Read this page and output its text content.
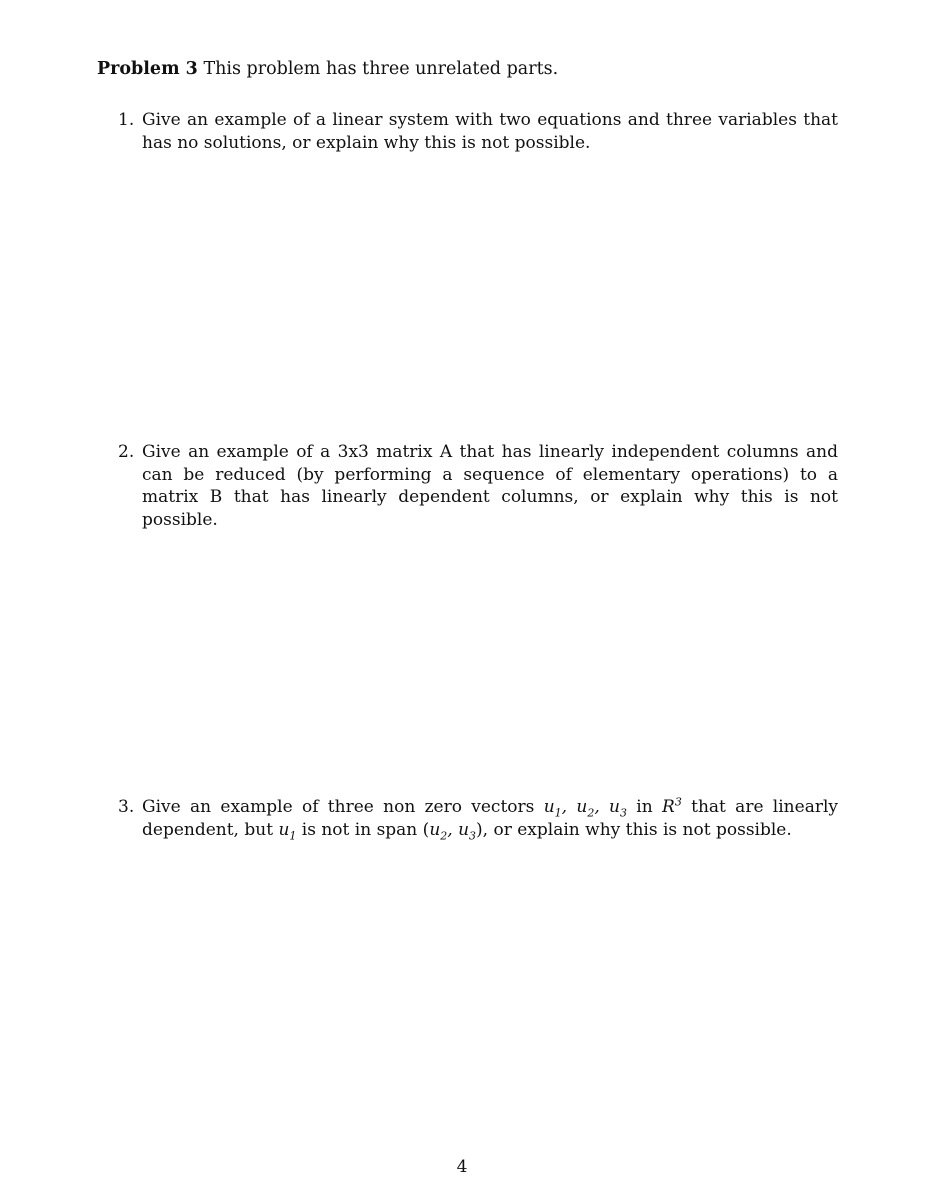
Problem 3 This problem has three unrelated parts.
1. Give an example of a linear system with two equations and three variables that has no solutions, or explain why this is not possible.
2. Give an example of a 3x3 matrix A that has linearly independent columns and can be reduced (by performing a sequence of elementary operations) to a matrix B that has linearly dependent columns, or explain why this is not possible.
3. Give an example of three non zero vectors $u_1$, $u_2$, $u_3$ in $R^3$ that are linearly dependent, but $u_1$ is not in span ($u_2$, $u_3$), or explain why this is not possible.
4
